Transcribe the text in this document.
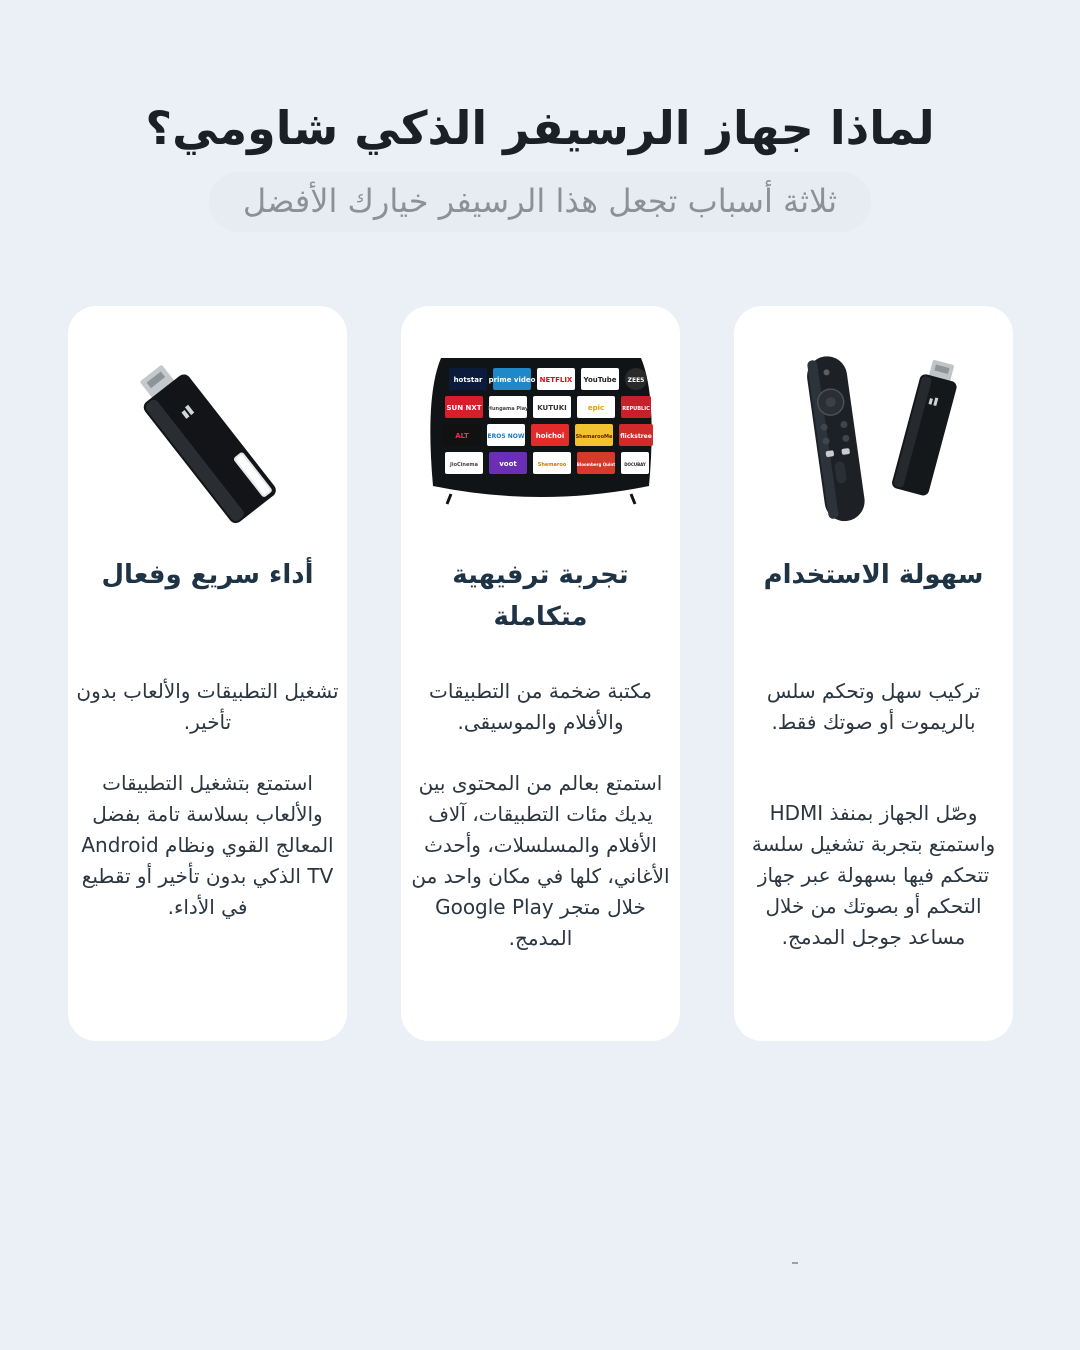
لماذا جهاز الرسيفر الذكي شاومي؟
ثلاثة أسباب تجعل هذا الرسيفر خيارك الأفضل
سهولة الاستخدام
تركيب سهل وتحكم سلس بالريموت أو صوتك فقط.
وصّل الجهاز بمنفذ HDMI واستمتع بتجربة تشغيل سلسة تتحكم فيها بسهولة عبر جهاز التحكم أو بصوتك من خلال مساعد جوجل المدمج.
hotstar prime video NETFLIX YouTube ZEE5
SUN NXT Hungama Play KUTUKI	epic	REPUBLIC
ALT	EROS NOW hoichoi ShemarooMe flickstree
JioCinema	voot	Shemaroo	Bloomberg Quint DOCUBAY
تجربة ترفيهية متكاملة
مكتبة ضخمة من التطبيقات والأفلام والموسيقى.
استمتع بعالم من المحتوى بين يديك مئات التطبيقات، آلاف الأفلام والمسلسلات، وأحدث الأغاني، كلها في مكان واحد من خلال متجر Google Play المدمج.
أداء سريع وفعال
تشغيل التطبيقات والألعاب بدون تأخير.
استمتع بتشغيل التطبيقات والألعاب بسلاسة تامة بفضل المعالج القوي ونظام Android TV الذكي بدون تأخير أو تقطيع في الأداء.
